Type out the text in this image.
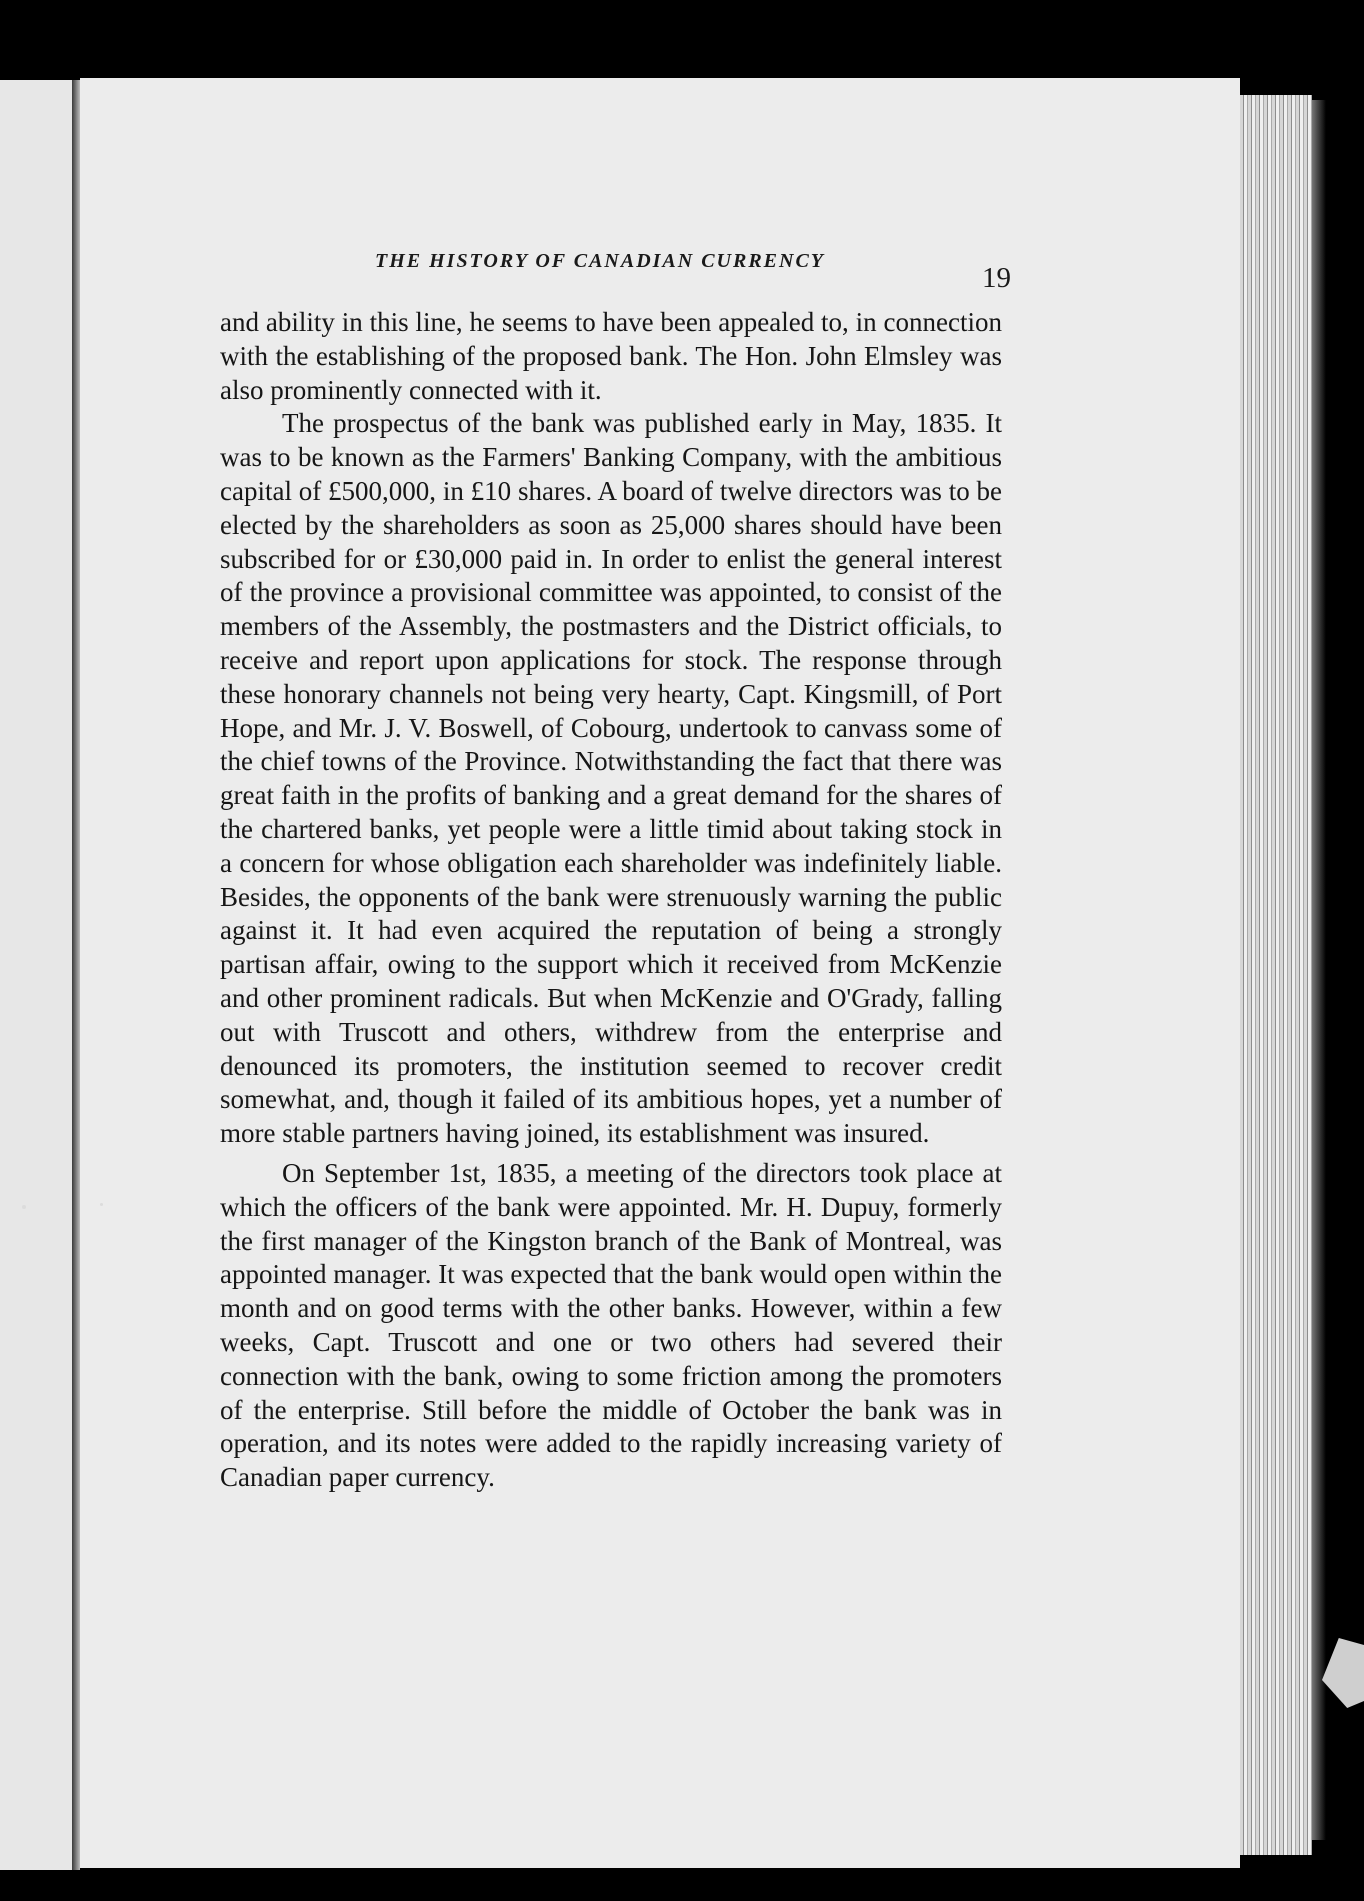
THE HISTORY OF CANADIAN CURRENCY
19

and ability in this line, he seems to have been appealed to, in connection with the establishing of the proposed bank. The Hon. John Elmsley was also prominently connected with it.

The prospectus of the bank was published early in May, 1835. It was to be known as the Farmers' Banking Company, with the ambitious capital of £500,000, in £10 shares. A board of twelve directors was to be elected by the shareholders as soon as 25,000 shares should have been subscribed for or £30,000 paid in. In order to enlist the general interest of the province a provisional committee was appointed, to consist of the members of the Assembly, the postmasters and the District officials, to receive and report upon applications for stock. The response through these honorary channels not being very hearty, Capt. Kingsmill, of Port Hope, and Mr. J. V. Boswell, of Cobourg, undertook to canvass some of the chief towns of the Province. Notwithstanding the fact that there was great faith in the profits of banking and a great demand for the shares of the chartered banks, yet people were a little timid about taking stock in a concern for whose obligation each shareholder was indefinitely liable. Besides, the opponents of the bank were strenuously warning the public against it. It had even acquired the reputation of being a strongly partisan affair, owing to the support which it received from McKenzie and other prominent radicals. But when McKenzie and O'Grady, falling out with Truscott and others, withdrew from the enterprise and denounced its promoters, the institution seemed to recover credit somewhat, and, though it failed of its ambitious hopes, yet a number of more stable partners having joined, its establishment was insured.

On September 1st, 1835, a meeting of the directors took place at which the officers of the bank were appointed. Mr. H. Dupuy, formerly the first manager of the Kingston branch of the Bank of Montreal, was appointed manager. It was expected that the bank would open within the month and on good terms with the other banks. However, within a few weeks, Capt. Truscott and one or two others had severed their connection with the bank, owing to some friction among the promoters of the enterprise. Still before the middle of October the bank was in operation, and its notes were added to the rapidly increasing variety of Canadian paper currency.
